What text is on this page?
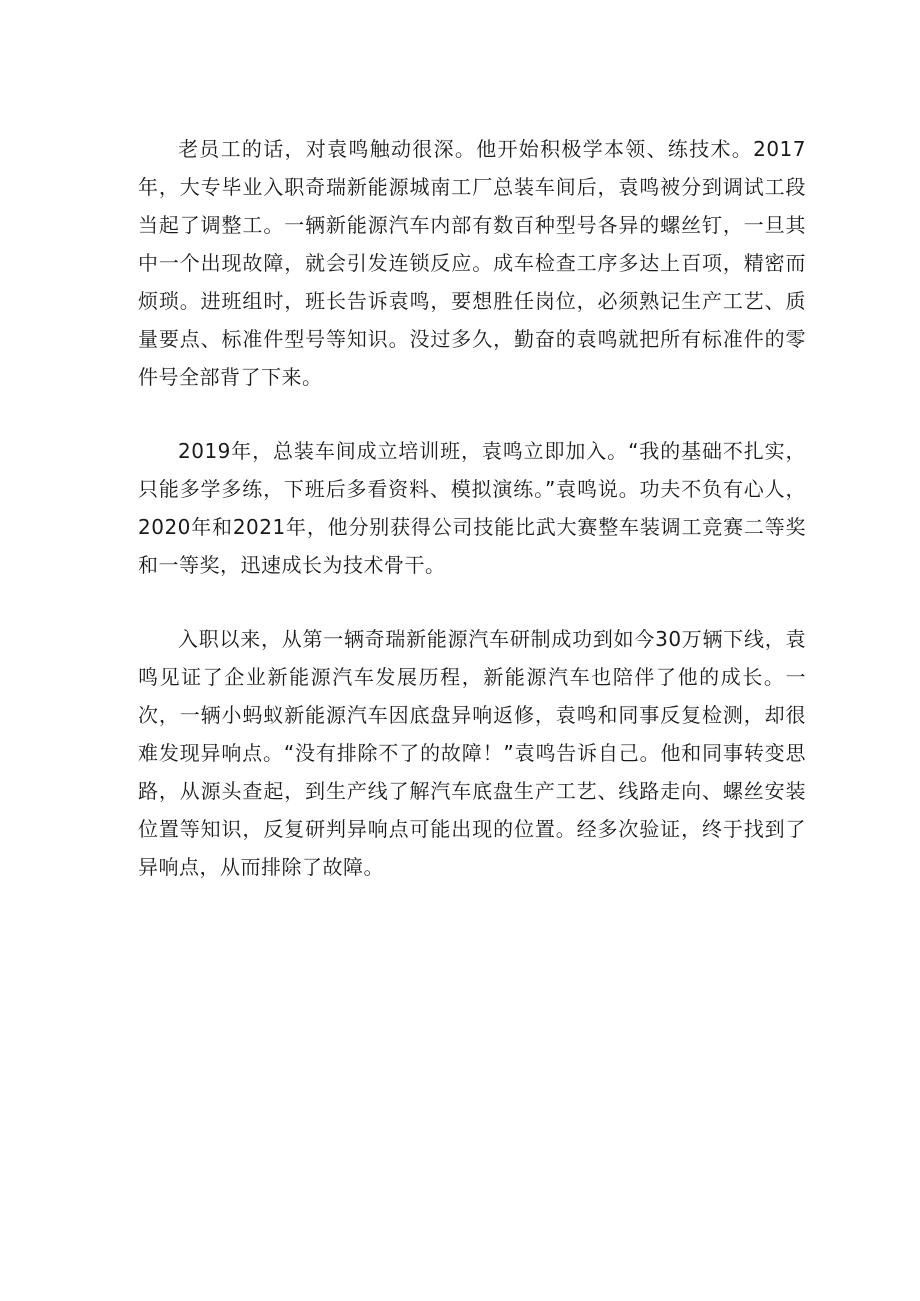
老员工的话，对袁鸣触动很深。他开始积极学本领、练技术。2017年，大专毕业入职奇瑞新能源城南工厂总装车间后，袁鸣被分到调试工段当起了调整工。一辆新能源汽车内部有数百种型号各异的螺丝钉，一旦其中一个出现故障，就会引发连锁反应。成车检查工序多达上百项，精密而烦琐。进班组时，班长告诉袁鸣，要想胜任岗位，必须熟记生产工艺、质量要点、标准件型号等知识。没过多久，勤奋的袁鸣就把所有标准件的零件号全部背了下来。

2019年，总装车间成立培训班，袁鸣立即加入。“我的基础不扎实，只能多学多练，下班后多看资料、模拟演练。”袁鸣说。功夫不负有心人，2020年和2021年，他分别获得公司技能比武大赛整车装调工竞赛二等奖和一等奖，迅速成长为技术骨干。

入职以来，从第一辆奇瑞新能源汽车研制成功到如今30万辆下线，袁鸣见证了企业新能源汽车发展历程，新能源汽车也陪伴了他的成长。一次，一辆小蚂蚁新能源汽车因底盘异响返修，袁鸣和同事反复检测，却很难发现异响点。“没有排除不了的故障！”袁鸣告诉自己。他和同事转变思路，从源头查起，到生产线了解汽车底盘生产工艺、线路走向、螺丝安装位置等知识，反复研判异响点可能出现的位置。经多次验证，终于找到了异响点，从而排除了故障。
